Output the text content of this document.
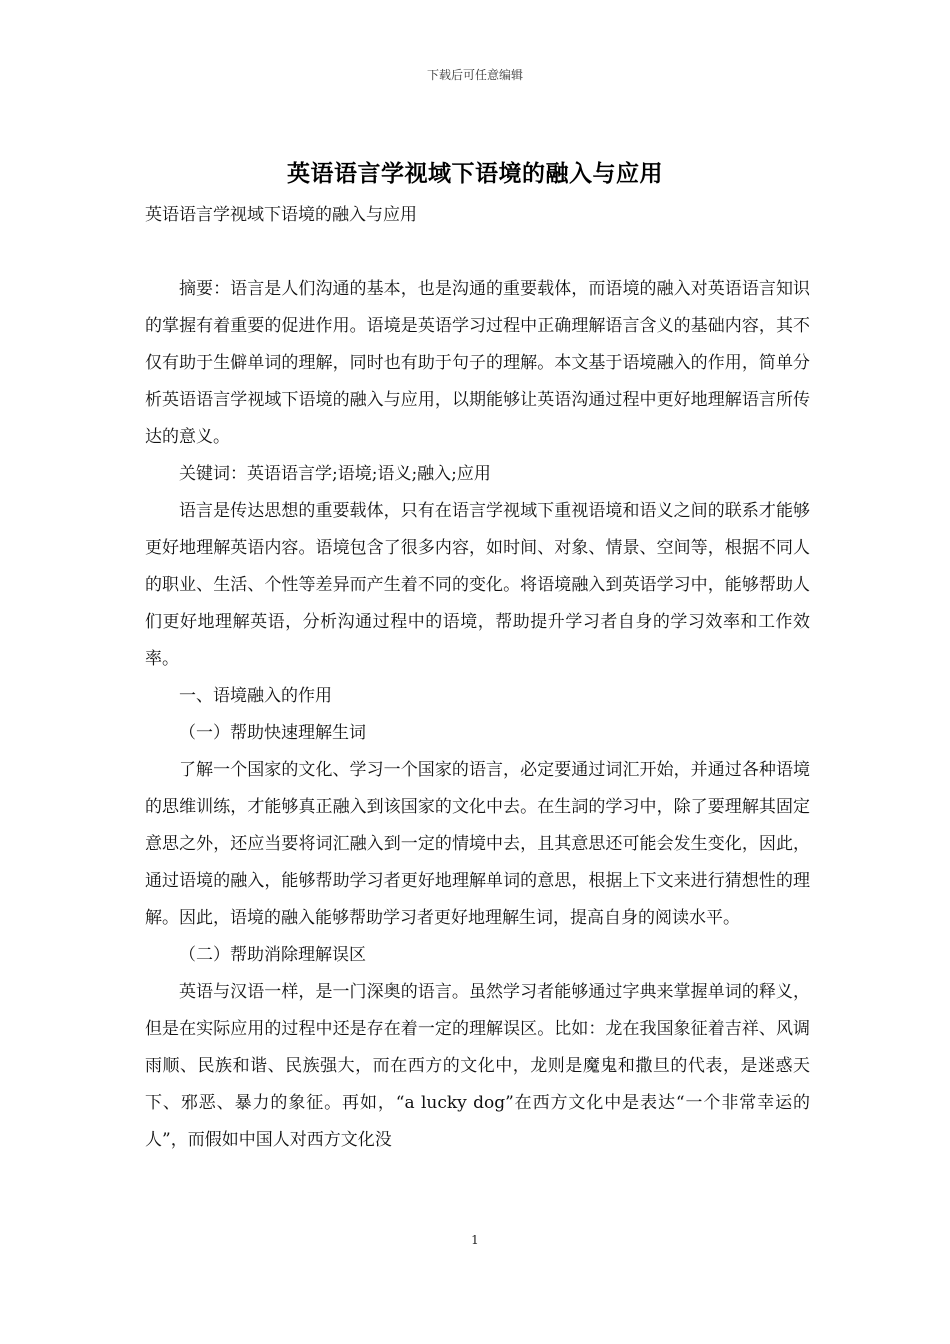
下载后可任意编辑
英语语言学视域下语境的融入与应用
英语语言学视域下语境的融入与应用

摘要：语言是人们沟通的基本，也是沟通的重要载体，而语境的融入对英语语言知识的掌握有着重要的促进作用。语境是英语学习过程中正确理解语言含义的基础内容，其不仅有助于生僻单词的理解，同时也有助于句子的理解。本文基于语境融入的作用，简单分析英语语言学视域下语境的融入与应用，以期能够让英语沟通过程中更好地理解语言所传达的意义。

关键词：英语语言学;语境;语义;融入;应用

语言是传达思想的重要载体，只有在语言学视域下重视语境和语义之间的联系才能够更好地理解英语内容。语境包含了很多内容，如时间、对象、情景、空间等，根据不同人的职业、生活、个性等差异而产生着不同的变化。将语境融入到英语学习中，能够帮助人们更好地理解英语，分析沟通过程中的语境，帮助提升学习者自身的学习效率和工作效率。

一、语境融入的作用

（一）帮助快速理解生词

了解一个国家的文化、学习一个国家的语言，必定要通过词汇开始，并通过各种语境的思维训练，才能够真正融入到该国家的文化中去。在生詞的学习中，除了要理解其固定意思之外，还应当要将词汇融入到一定的情境中去，且其意思还可能会发生变化，因此，通过语境的融入，能够帮助学习者更好地理解单词的意思，根据上下文来进行猜想性的理解。因此，语境的融入能够帮助学习者更好地理解生词，提高自身的阅读水平。

（二）帮助消除理解误区

英语与汉语一样，是一门深奥的语言。虽然学习者能够通过字典来掌握单词的释义，但是在实际应用的过程中还是存在着一定的理解误区。比如：龙在我国象征着吉祥、风调雨顺、民族和谐、民族强大，而在西方的文化中，龙则是魔鬼和撒旦的代表，是迷惑天下、邪恶、暴力的象征。再如，“a lucky dog”在西方文化中是表达“一个非常幸运的人”，而假如中国人对西方文化没

1
